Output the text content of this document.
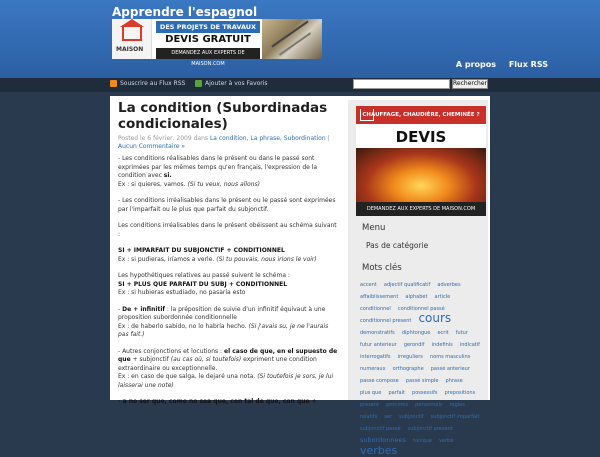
Apprendre l'espagnol
MAISON
DES PROJETS DE TRAVAUX
DEVIS GRATUIT
DEMANDEZ AUX EXPERTS DE MAISON.COM	A propos Flux RSS
Souscrire au Flux RSS	Ajouter à vos Favoris	Rechercher
La condition (Subordinadas condicionales)
Posted le 6 février, 2009 dans La condition, La phrase, Subordination | Aucun Commentaire »

- Les conditions réalisables dans le présent ou dans le passé sont exprimées par les mêmes temps qu'en français, l'expression de la condition avec si.
Ex : si quieres, vamos. (Si tu veux, nous allons)

- Les conditions irréalisables dans le présent ou le passé sont exprimées par l'imparfait ou le plus que parfait du subjonctif.

Les conditions irréalisables dans le présent obéissent au schéma suivant :

SI + IMPARFAIT DU SUBJONCTIF + CONDITIONNEL
Ex : si pudieras, iríamos a verle. (Si tu pouvais, nous irions le voir)

Les hypothétiques relatives au passé suivent le schéma :
SI + PLUS QUE PARFAIT DU SUBJ + CONDITIONNEL
Ex : si hubieras estudiado, no pasaría esto

- De + infinitif : la préposition de suivie d'un infinitif équivaut à une proposition subordonnée conditionnelle
Ex : de haberlo sabido, no lo habría hecho. (Si j'avais su, je ne l'aurais pas fait.)

- Autres conjonctions et locutions : el caso de que, en el supuesto de que + subjonctif (au cas où, si toutefois) expriment une condition extraordinaire ou exceptionnelle.
Ex : en caso de que salga, le dejaré una nota. (Si toutefois je sors, je lui laisserai une note)

- a no ser que, como no sea que, con tal de que, con que +

CHAUFFAGE, CHAUDIÈRE, CHEMINÉE ?
DEVIS
DEMANDEZ AUX EXPERTS DE MAISON.COM
Menu
Pas de catégorie
Mots clés
accent adjectif qualificatif adverbes affaiblissement alphabet article conditionnel conditionnel passé conditionnel present cours demonstratifs diphtongue ecrit futur futur anterieur gerondif indefinis indicatif interrogatifs irreguliers noms masculins numeraux orthographe passé anterieur passe compose passé simple phrase plus que parfait possessifs prepositions present pronoms personnels regles relatifs ser subjonctif subjonctif imparfait subjonctif passé subjonctif present subordonnees tonique verbe verbes
